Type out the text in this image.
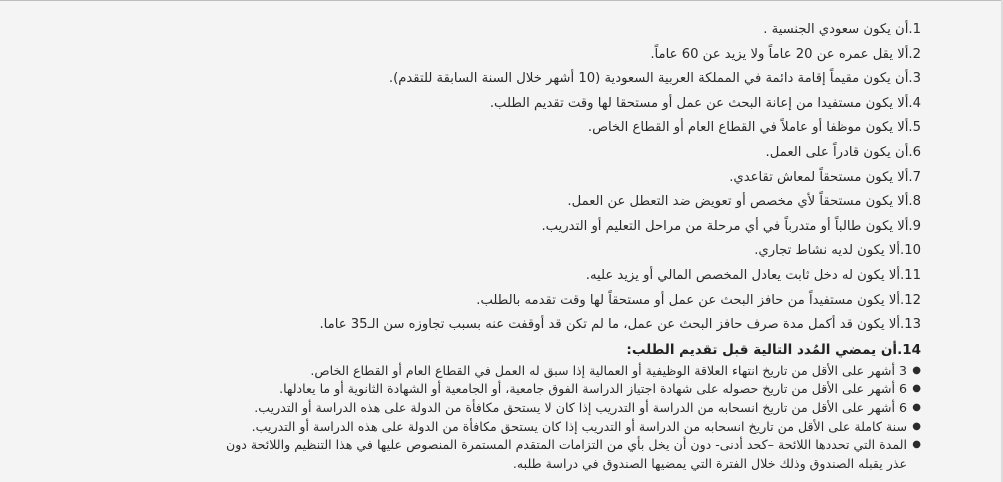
1.أن يكون سعودي الجنسية .
2.ألا يقل عمره عن 20 عاماً ولا يزيد عن 60 عاماً.
3.أن يكون مقيماً إقامة دائمة في المملكة العربية السعودية (10 أشهر خلال السنة السابقة للتقدم).
4.ألا يكون مستفيدا من إعانة البحث عن عمل أو مستحقا لها وقت تقديم الطلب.
5.ألا يكون موظفا أو عاملاً في القطاع العام أو القطاع الخاص.
6.أن يكون قادراً على العمل.
7.ألا يكون مستحقاً لمعاش تقاعدي.
8.ألا يكون مستحقاً لأي مخصص أو تعويض ضد التعطل عن العمل.
9.ألا يكون طالباً أو متدرباً في أي مرحلة من مراحل التعليم أو التدريب.
10.ألا يكون لديه نشاط تجاري.
11.ألا يكون له دخل ثابت يعادل المخصص المالي أو يزيد عليه.
12.ألا يكون مستفيداً من حافز البحث عن عمل أو مستحقاً لها وقت تقدمه بالطلب.
13.ألا يكون قد أكمل مدة صرف حافز البحث عن عمل، ما لم تكن قد أوقفت عنه بسبب تجاوزه سن الـ35 عاما.
14.أن يمضي المُدد التالية قبل تقديم الطلب:
●
3 أشهر على الأقل من تاريخ انتهاء العلاقة الوظيفية أو العمالية إذا سبق له العمل في القطاع العام أو القطاع الخاص.
●
6 أشهر على الأقل من تاريخ حصوله على شهادة اجتياز الدراسة الفوق جامعية، أو الجامعية أو الشهادة الثانوية أو ما يعادلها.
●
6 أشهر على الأقل من تاريخ انسحابه من الدراسة أو التدريب إذا كان لا يستحق مكافأة من الدولة على هذه الدراسة أو التدريب.
●
سنة كاملة على الأقل من تاريخ انسحابه من الدراسة أو التدريب إذا كان يستحق مكافأة من الدولة على هذه الدراسة أو التدريب.
●
المدة التي تحددها اللائحة –كحد أدنى- دون أن يخل بأي من التزامات المتقدم المستمرة المنصوص عليها في هذا التنظيم واللائحة دون عذر يقبله الصندوق وذلك خلال الفترة التي يمضيها الصندوق في دراسة طلبه.
